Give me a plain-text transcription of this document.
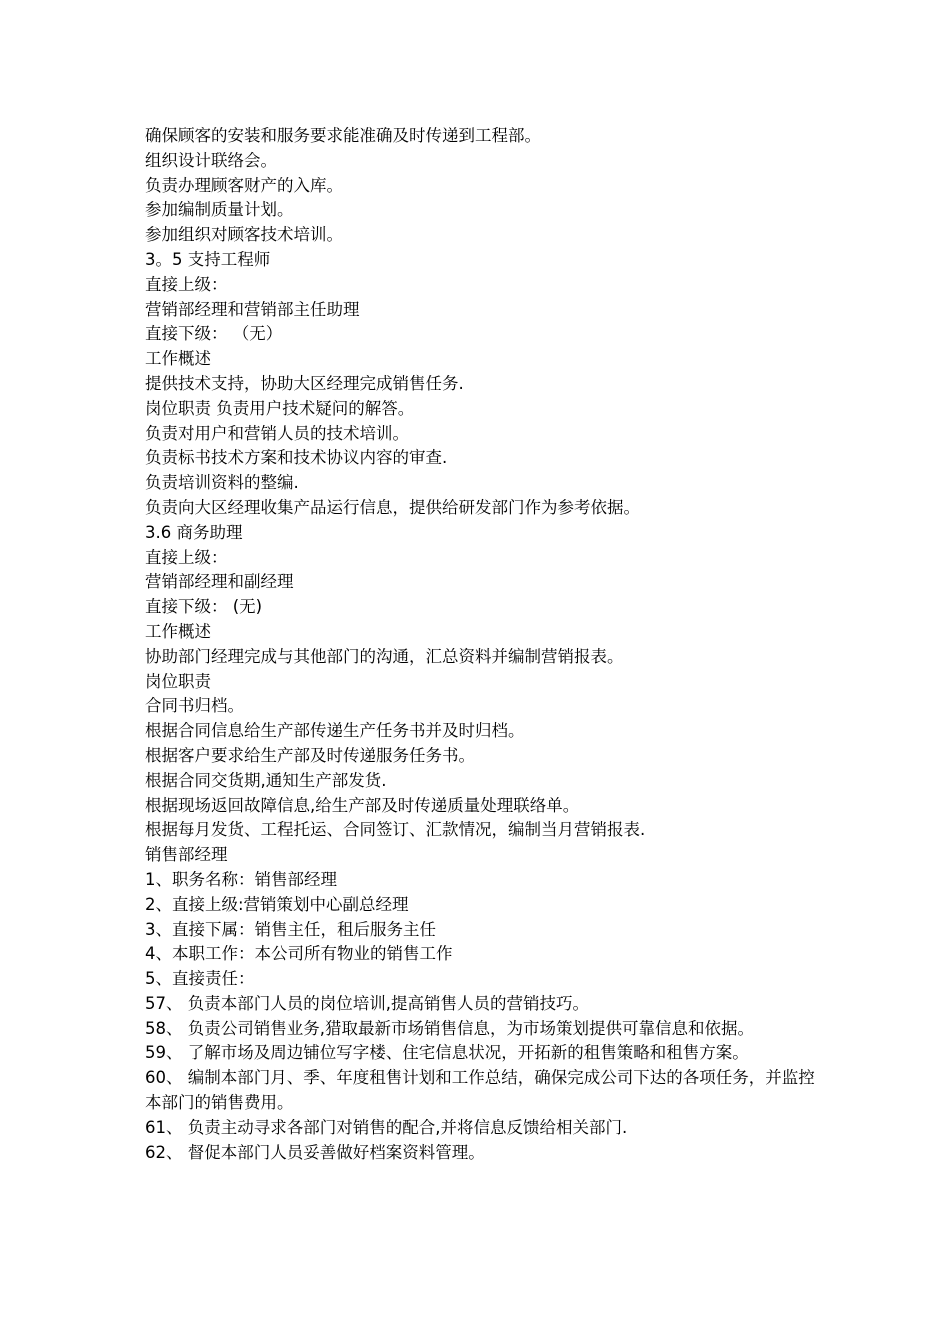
确保顾客的安装和服务要求能准确及时传递到工程部。
组织设计联络会。
负责办理顾客财产的入库。
参加编制质量计划。
参加组织对顾客技术培训。
3。5 支持工程师
直接上级：
营销部经理和营销部主任助理
直接下级： （无）
工作概述
提供技术支持，协助大区经理完成销售任务.
岗位职责 负责用户技术疑问的解答。
负责对用户和营销人员的技术培训。
负责标书技术方案和技术协议内容的审查.
负责培训资料的整编.
负责向大区经理收集产品运行信息，提供给研发部门作为参考依据。
3.6 商务助理
直接上级：
营销部经理和副经理
直接下级： (无)
工作概述
协助部门经理完成与其他部门的沟通，汇总资料并编制营销报表。
岗位职责
合同书归档。
根据合同信息给生产部传递生产任务书并及时归档。
根据客户要求给生产部及时传递服务任务书。
根据合同交货期,通知生产部发货.
根据现场返回故障信息,给生产部及时传递质量处理联络单。
根据每月发货、工程托运、合同签订、汇款情况，编制当月营销报表.
销售部经理
1、职务名称：销售部经理
2、直接上级:营销策划中心副总经理
3、直接下属：销售主任，租后服务主任
4、本职工作：本公司所有物业的销售工作
5、直接责任：
57、 负责本部门人员的岗位培训,提高销售人员的营销技巧。
58、 负责公司销售业务,猎取最新市场销售信息，为市场策划提供可靠信息和依据。
59、 了解市场及周边铺位写字楼、住宅信息状况，开拓新的租售策略和租售方案。
60、 编制本部门月、季、年度租售计划和工作总结，确保完成公司下达的各项任务，并监控本部门的销售费用。
61、 负责主动寻求各部门对销售的配合,并将信息反馈给相关部门.
62、 督促本部门人员妥善做好档案资料管理。
